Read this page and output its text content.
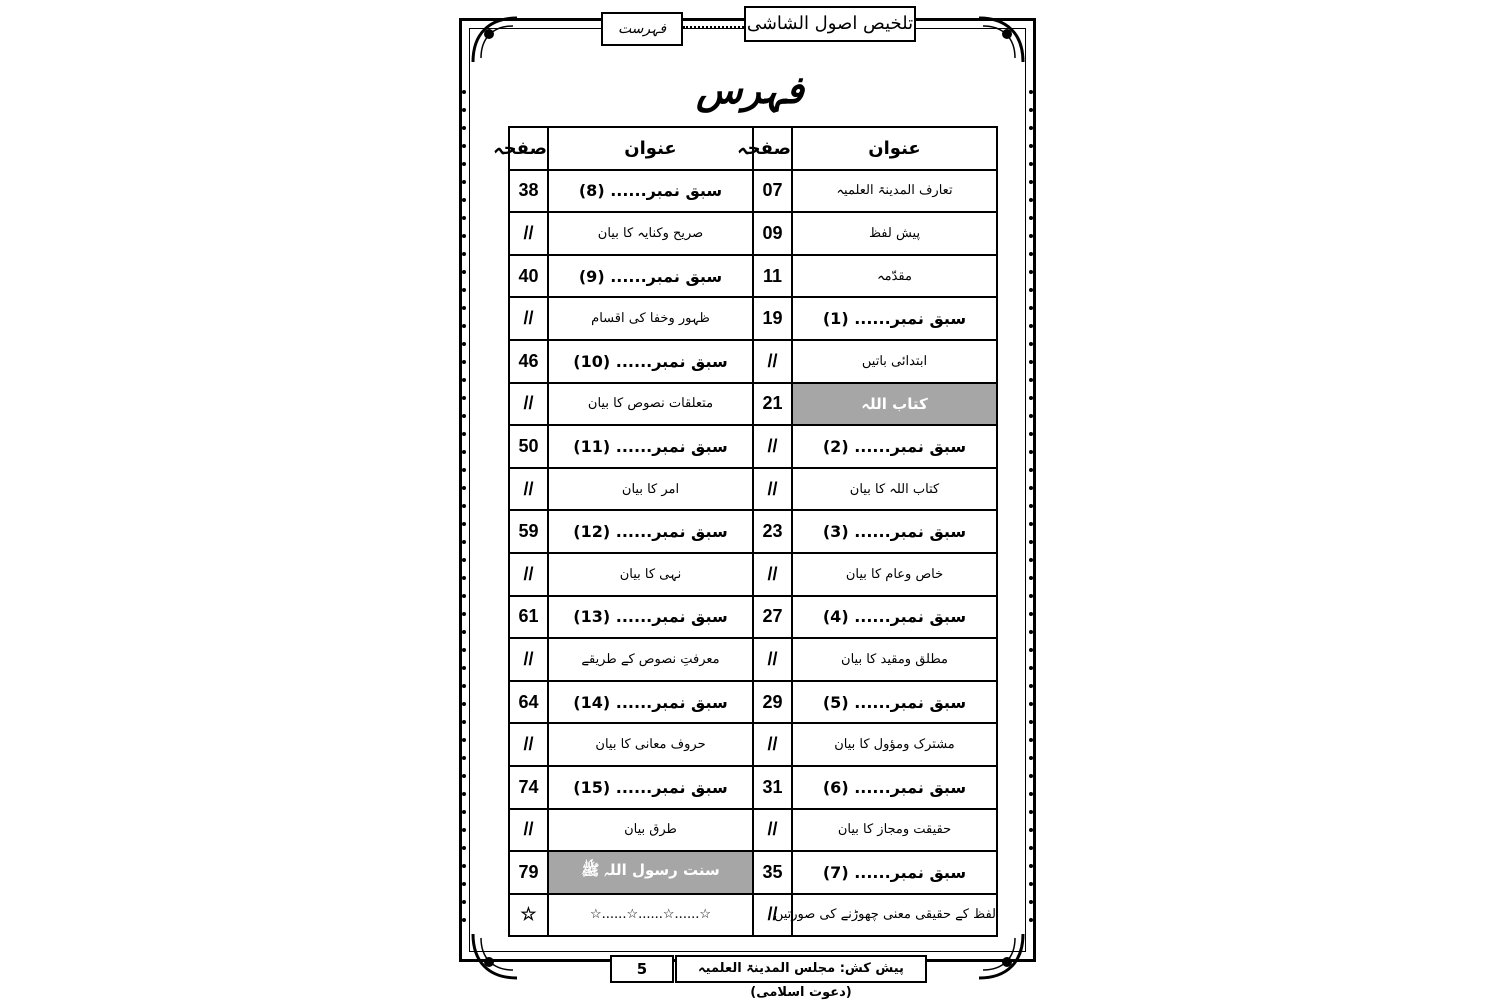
فہرست	تلخیص اصول الشاشی
فہرس
عنوان	صفحہ	عنوان	صفحہ
تعارف المدینۃ العلمیہ	07	سبق نمبر...... (8)	38
پیش لفظ	09	صریح وکنایہ کا بیان	//
مقدّمہ	11	سبق نمبر...... (9)	40
سبق نمبر...... (1)	19	ظہور وخفا کی اقسام	//
ابتدائی باتیں	//	سبق نمبر...... (10)	46
کتاب اللہ	21	متعلقات نصوص کا بیان	//
سبق نمبر...... (2)	//	سبق نمبر...... (11)	50
کتاب اللہ کا بیان	//	امر کا بیان	//
سبق نمبر...... (3)	23	سبق نمبر...... (12)	59
خاص وعام کا بیان	//	نہی کا بیان	//
سبق نمبر...... (4)	27	سبق نمبر...... (13)	61
مطلق ومقید کا بیان	//	معرفتِ نصوص کے طریقے	//
سبق نمبر...... (5)	29	سبق نمبر...... (14)	64
مشترک ومؤول کا بیان	//	حروف معانی کا بیان	//
سبق نمبر...... (6)	31	سبق نمبر...... (15)	74
حقیقت ومجاز کا بیان	//	طرق بیان	//
سبق نمبر...... (7)	35	سنت رسول اللہ ﷺ	79
لفظ کے حقیقی معنی چھوڑنے کی صورتیں	//	☆......☆......☆......☆	☆
5	پیش کش: مجلس المدینۃ العلمیہ (دعوت اسلامی)
